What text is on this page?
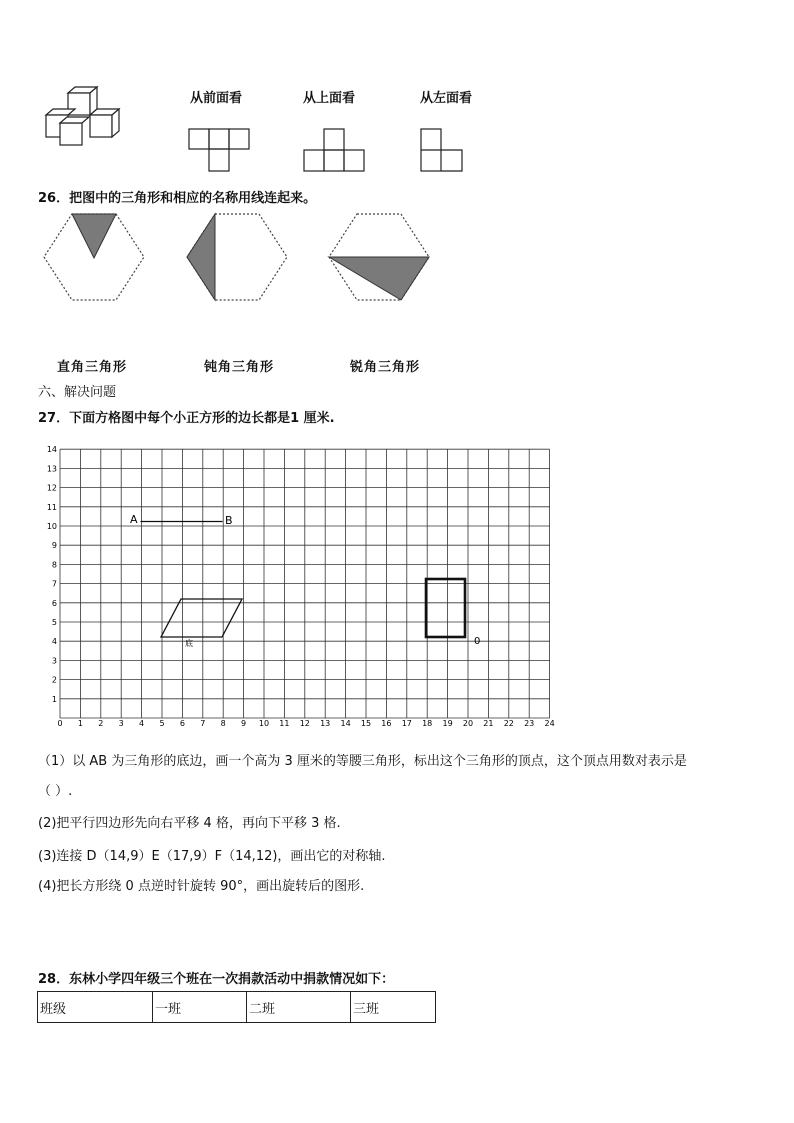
从前面看	从上面看	从左面看
26．把图中的三角形和相应的名称用线连起来。
直角三角形	钝角三角形	锐角三角形
六、解决问题
27．下面方格图中每个小正方形的边长都是1 厘米.
0 1 2 3 4 5 6 7 8 9 10 11 12 13 14 15 16 17 18 19 20 21 22 23 24
1
2
3
4
5
6
7
8
9
10
11
12
13
14
A	B
底	0
（1）以 AB 为三角形的底边，画一个高为 3 厘米的等腰三角形，标出这个三角形的顶点，这个顶点用数对表示是
（ ）.
(2)把平行四边形先向右平移 4 格，再向下平移 3 格.
(3)连接 D（14,9）E（17,9）F（14,12)，画出它的对称轴.
(4)把长方形绕 0 点逆时针旋转 90°，画出旋转后的图形.
28．东林小学四年级三个班在一次捐款活动中捐款情况如下：
班级	一班	二班	三班
